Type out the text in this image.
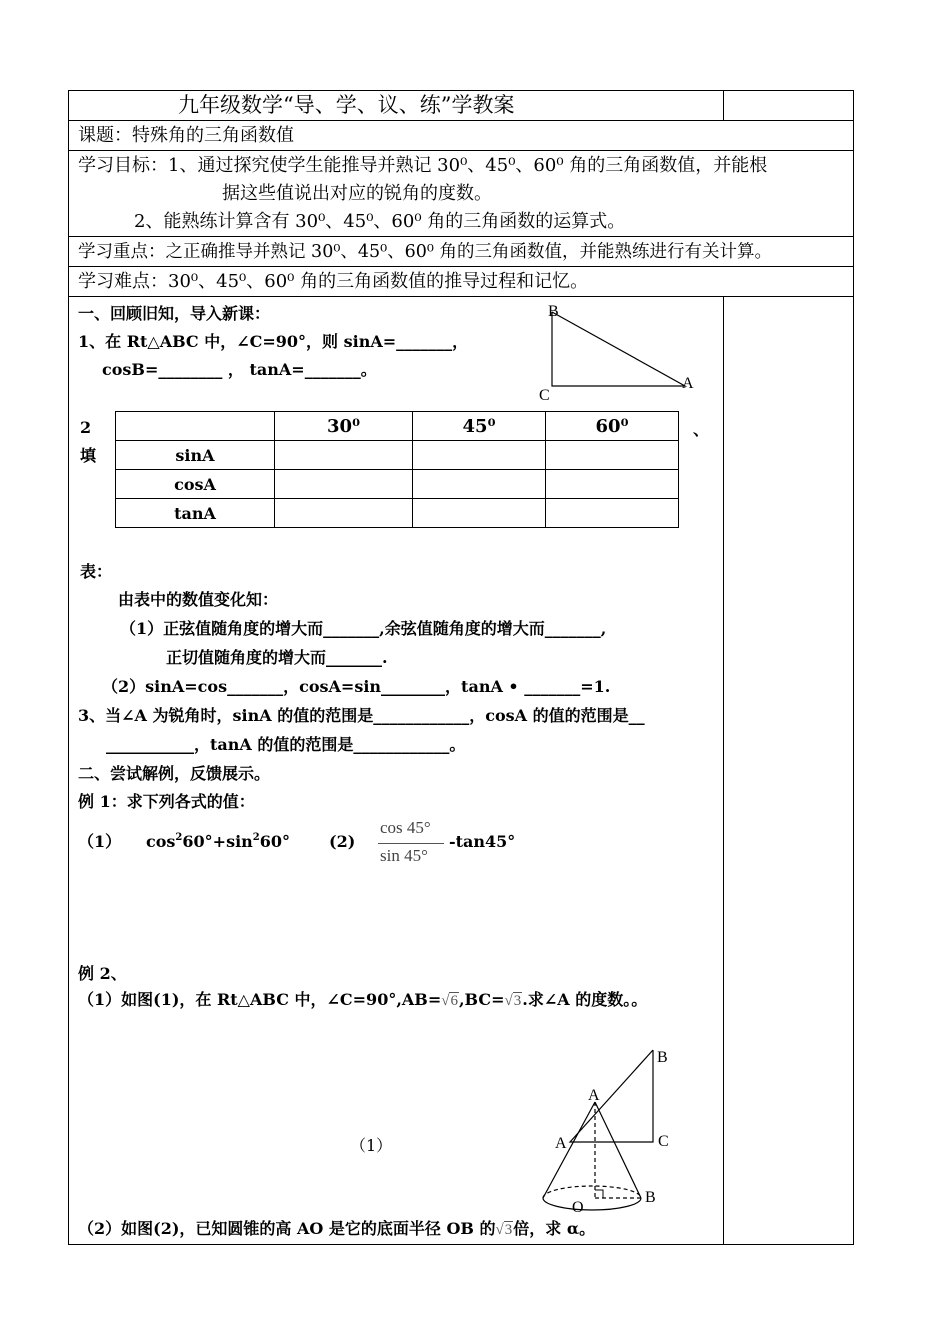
九年级数学“导、学、议、练”学教案
课题：特殊角的三角函数值
学习目标：1、通过探究使学生能推导并熟记 30⁰、45⁰、60⁰ 角的三角函数值，并能根
据这些值说出对应的锐角的度数。
2、能熟练计算含有 30⁰、45⁰、60⁰ 角的三角函数的运算式。
学习重点：之正确推导并熟记 30⁰、45⁰、60⁰ 角的三角函数值，并能熟练进行有关计算。
学习难点：30⁰、45⁰、60⁰ 角的三角函数值的推导过程和记忆。
一、回顾旧知，导入新课：
1、在 Rt△ABC 中，∠C=90°，则 sinA=_______，
cosB=________ ， tanA=_______。
B
C
A
2
填
、
	30⁰	45⁰	60⁰
sinA			
cosA			
tanA			
表：
由表中的数值变化知：
（1）正弦值随角度的增大而_______,余弦值随角度的增大而_______,
正切值随角度的增大而_______.
（2）sinA=cos_______，cosA=sin________，tanA • _______=1.
3、当∠A 为锐角时，sinA 的值的范围是____________，cosA 的值的范围是__
___________，tanA 的值的范围是____________。
二、尝试解例，反馈展示。
例 1：求下列各式的值：
（1） $\cos^260^\circ+\sin^260^\circ$ (2)
cos 45°
sin 45°
-tan45°
例 2、
（1）如图(1)，在 Rt△ABC 中，∠C=90°,AB=√6,BC=√3.求∠A 的度数。。
（1）
B
A	C
A
O
B
（2）如图(2)，已知圆锥的高 AO 是它的底面半径 OB 的√3倍，求 α。
